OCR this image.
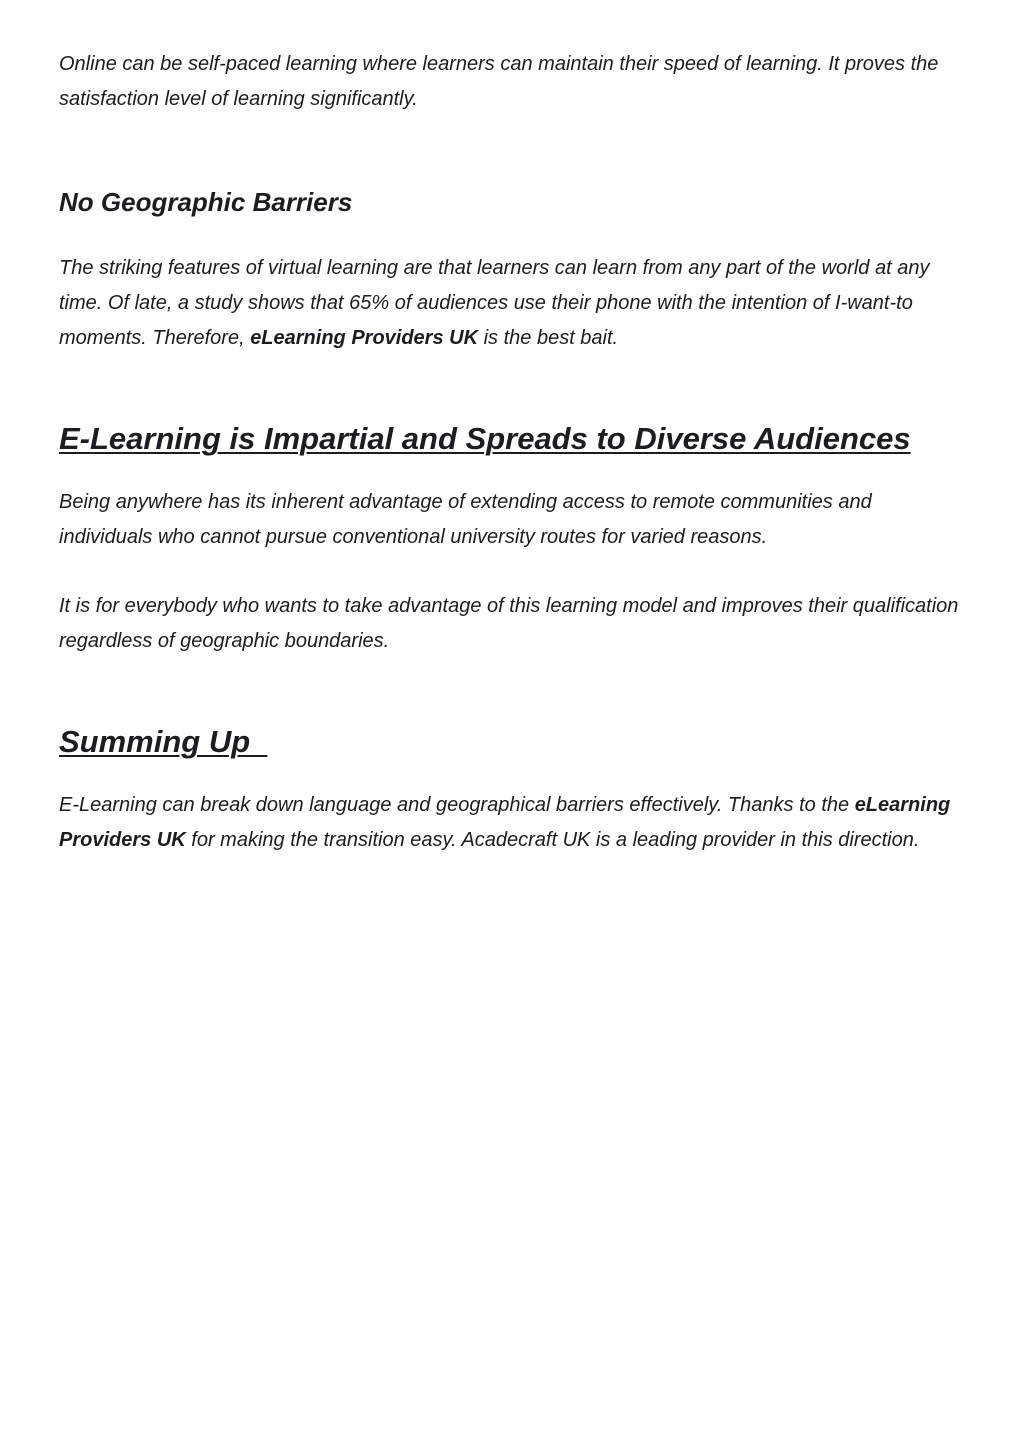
Online can be self-paced learning where learners can maintain their speed of learning. It proves the satisfaction level of learning significantly.

No Geographic Barriers

The striking features of virtual learning are that learners can learn from any part of the world at any time. Of late, a study shows that 65% of audiences use their phone with the intention of I-want-to moments. Therefore, eLearning Providers UK is the best bait.

E-Learning is Impartial and Spreads to Diverse Audiences

Being anywhere has its inherent advantage of extending access to remote communities and individuals who cannot pursue conventional university routes for varied reasons.

It is for everybody who wants to take advantage of this learning model and improves their qualification regardless of geographic boundaries.

Summing Up

E-Learning can break down language and geographical barriers effectively. Thanks to the eLearning Providers UK for making the transition easy. Acadecraft UK is a leading provider in this direction.
